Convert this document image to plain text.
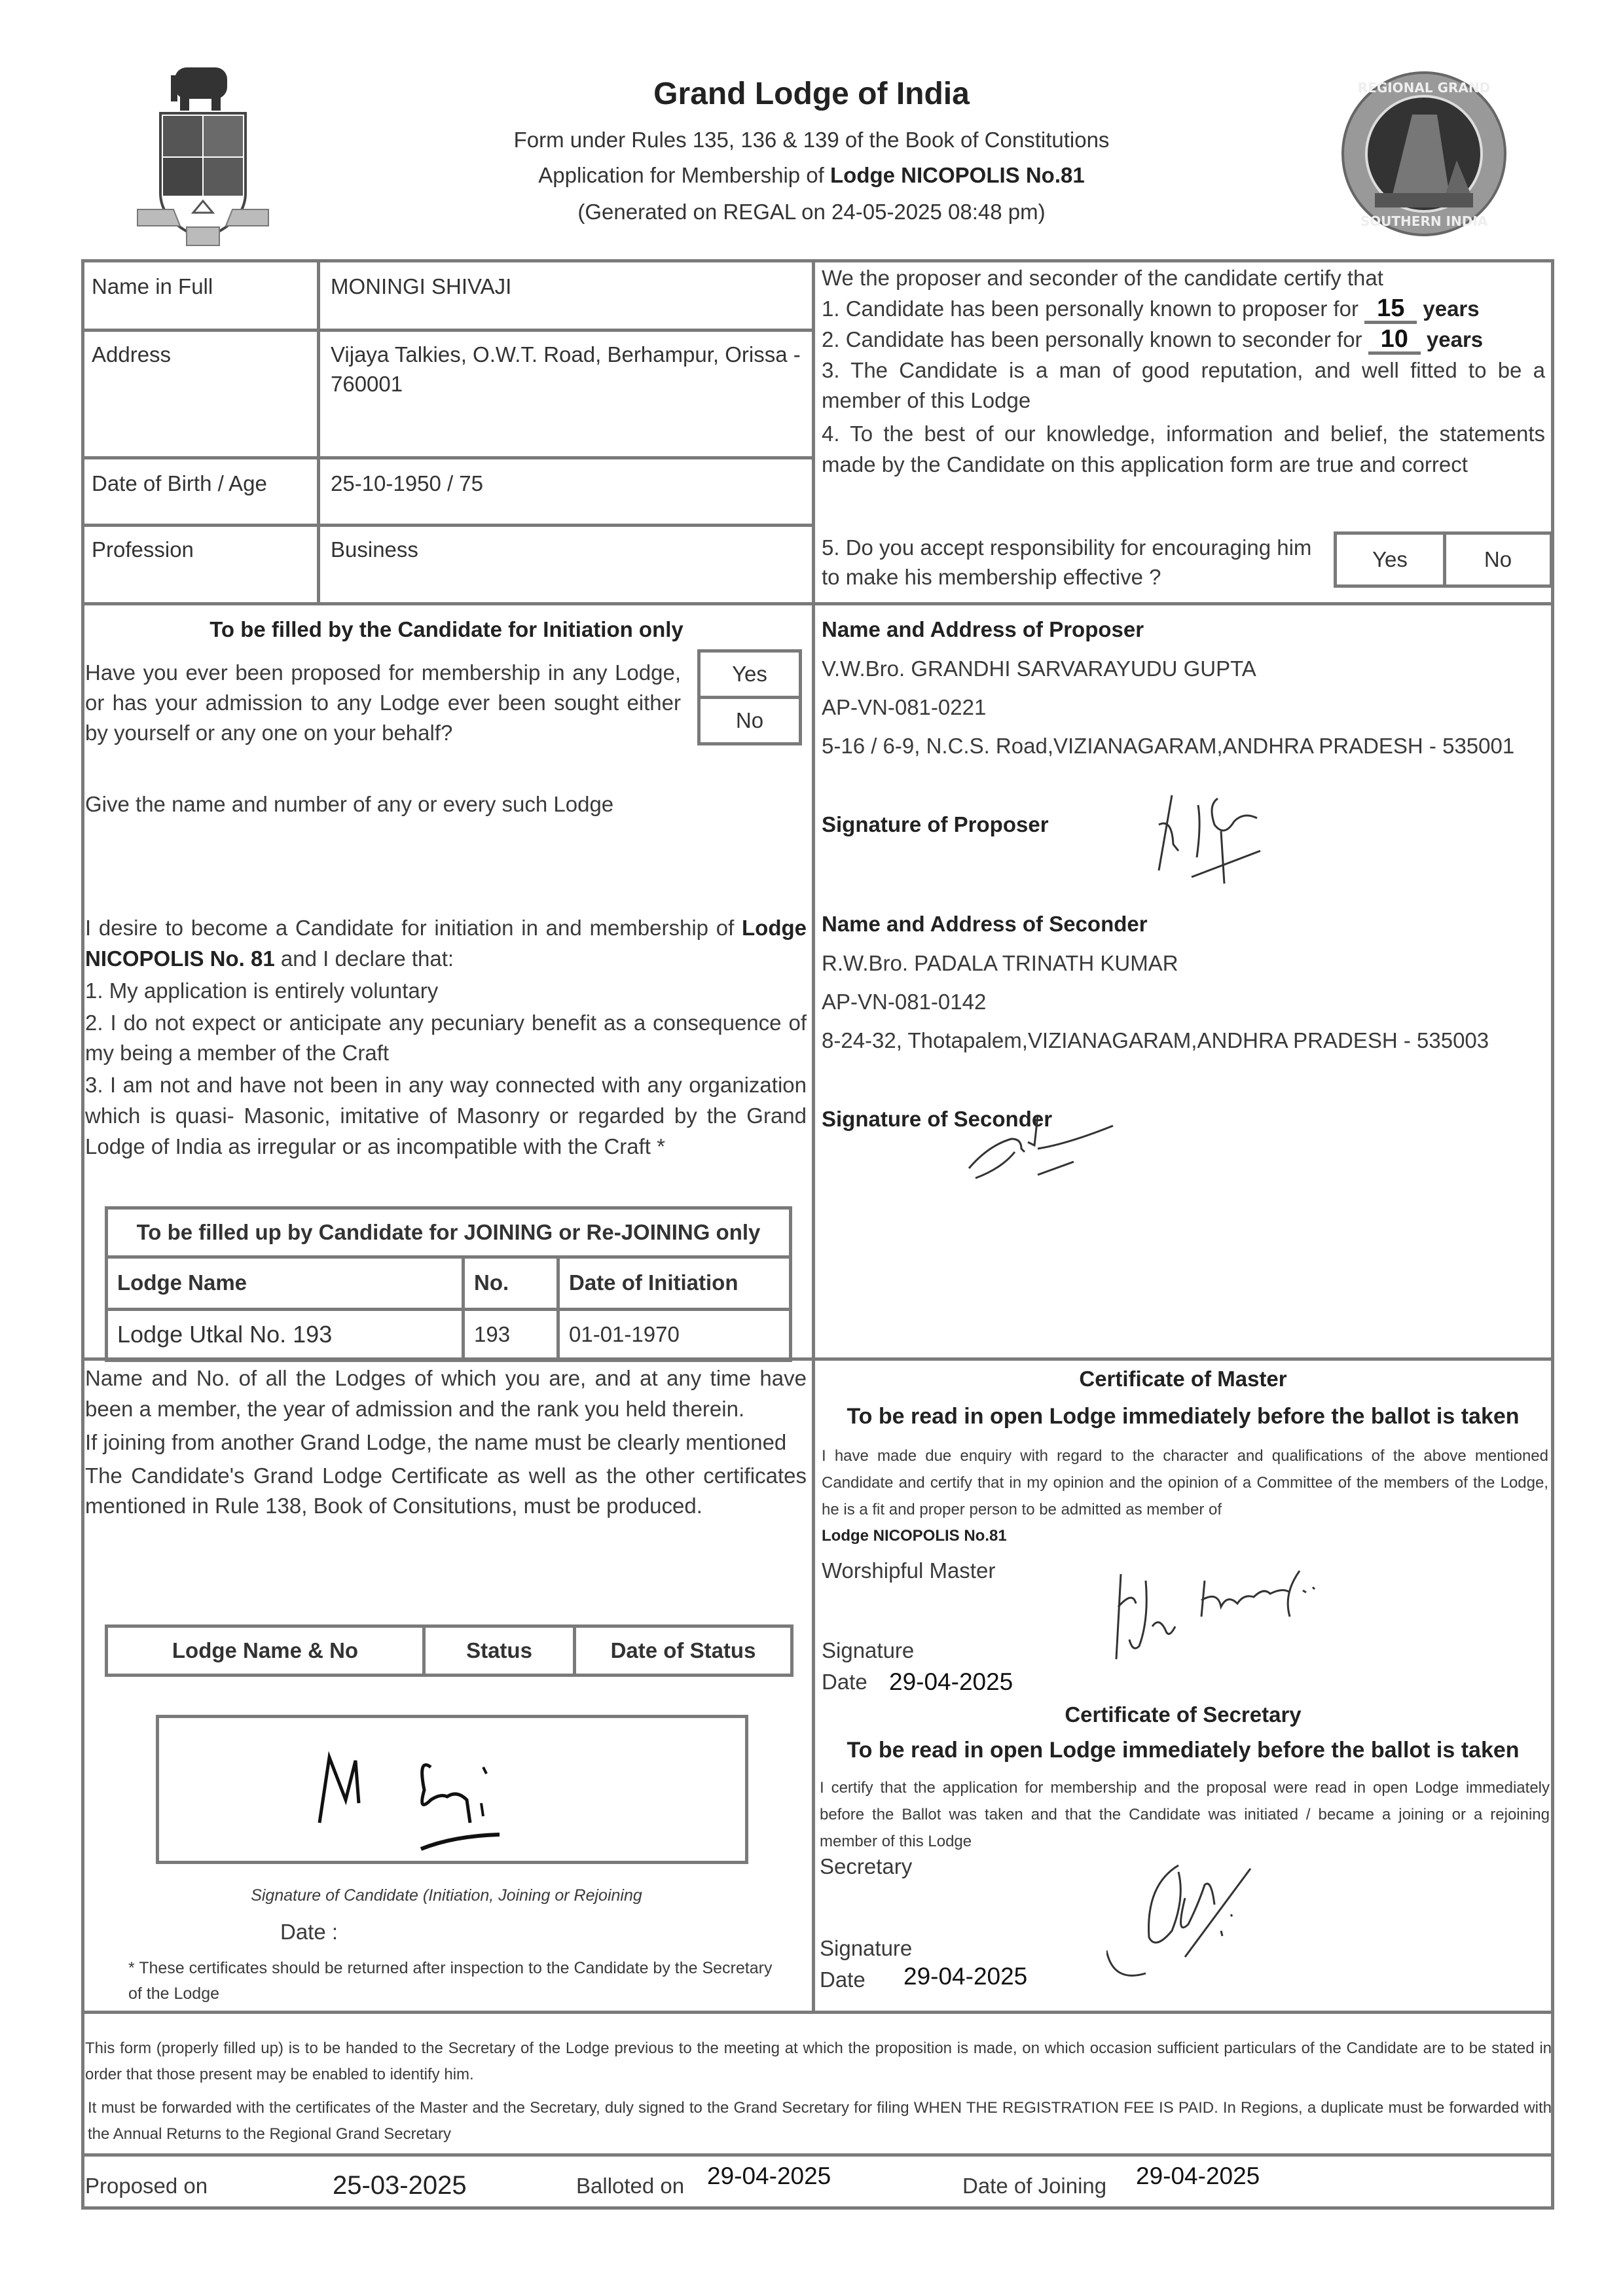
Grand Lodge of India
Form under Rules 135, 136 & 139 of the Book of Constitutions
Application for Membership of Lodge NICOPOLIS No.81
(Generated on REGAL on 24-05-2025 08:48 pm)
REGIONAL GRAND
SOUTHERN INDIA
Name in Full	MONINGI SHIVAJI
Address	Vijaya Talkies, O.W.T. Road, Berhampur, Orissa - 760001
Date of Birth / Age	25-10-1950 / 75
Profession	Business
We the proposer and seconder of the candidate certify that
1. Candidate has been personally known to proposer for 15 years
2. Candidate has been personally known to seconder for 10 years
3. The Candidate is a man of good reputation, and well fitted to be a member of this Lodge
4. To the best of our knowledge, information and belief, the statements made by the Candidate on this application form are true and correct
5. Do you accept responsibility for encouraging him to make his membership effective ?
Yes	No
To be filled by the Candidate for Initiation only
Have you ever been proposed for membership in any Lodge, or has your admission to any Lodge ever been sought either by yourself or any one on your behalf?
Yes
No
Give the name and number of any or every such Lodge
I desire to become a Candidate for initiation in and membership of Lodge NICOPOLIS No. 81 and I declare that:
1. My application is entirely voluntary
2. I do not expect or anticipate any pecuniary benefit as a consequence of my being a member of the Craft
3. I am not and have not been in any way connected with any organization which is quasi- Masonic, imitative of Masonry or regarded by the Grand Lodge of India as irregular or as incompatible with the Craft *
To be filled up by Candidate for JOINING or Re-JOINING only		
Lodge Name	No.	Date of Initiation
Lodge Utkal No. 193	193	01-01-1970
Name and Address of Proposer
V.W.Bro. GRANDHI SARVARAYUDU GUPTA
AP-VN-081-0221
5-16 / 6-9, N.C.S. Road,VIZIANAGARAM,ANDHRA PRADESH - 535001
Signature of Proposer
Name and Address of Seconder
R.W.Bro. PADALA TRINATH KUMAR
AP-VN-081-0142
8-24-32, Thotapalem,VIZIANAGARAM,ANDHRA PRADESH - 535003
Signature of Seconder
Name and No. of all the Lodges of which you are, and at any time have been a member, the year of admission and the rank you held therein.
If joining from another Grand Lodge, the name must be clearly mentioned
The Candidate's Grand Lodge Certificate as well as the other certificates mentioned in Rule 138, Book of Consitutions, must be produced.
Lodge Name & No	Status	Date of Status
Signature of Candidate (Initiation, Joining or Rejoining
Date :
* These certificates should be returned after inspection to the Candidate by the Secretary of the Lodge
Certificate of Master
To be read in open Lodge immediately before the ballot is taken
I have made due enquiry with regard to the character and qualifications of the above mentioned Candidate and certify that in my opinion and the opinion of a Committee of the members of the Lodge, he is a fit and proper person to be admitted as member of
Lodge NICOPOLIS No.81
Worshipful Master
Signature
Date 29-04-2025
Certificate of Secretary
To be read in open Lodge immediately before the ballot is taken
I certify that the application for membership and the proposal were read in open Lodge immediately before the Ballot was taken and that the Candidate was initiated / became a joining or a rejoining member of this Lodge
Secretary
Signature
Date 29-04-2025
This form (properly filled up) is to be handed to the Secretary of the Lodge previous to the meeting at which the proposition is made, on which occasion sufficient particulars of the Candidate are to be stated in order that those present may be enabled to identify him.
It must be forwarded with the certificates of the Master and the Secretary, duly signed to the Grand Secretary for filing WHEN THE REGISTRATION FEE IS PAID. In Regions, a duplicate must be forwarded with the Annual Returns to the Regional Grand Secretary
Proposed on	25-03-2025	Balloted on 29-04-2025	Date of Joining 29-04-2025
